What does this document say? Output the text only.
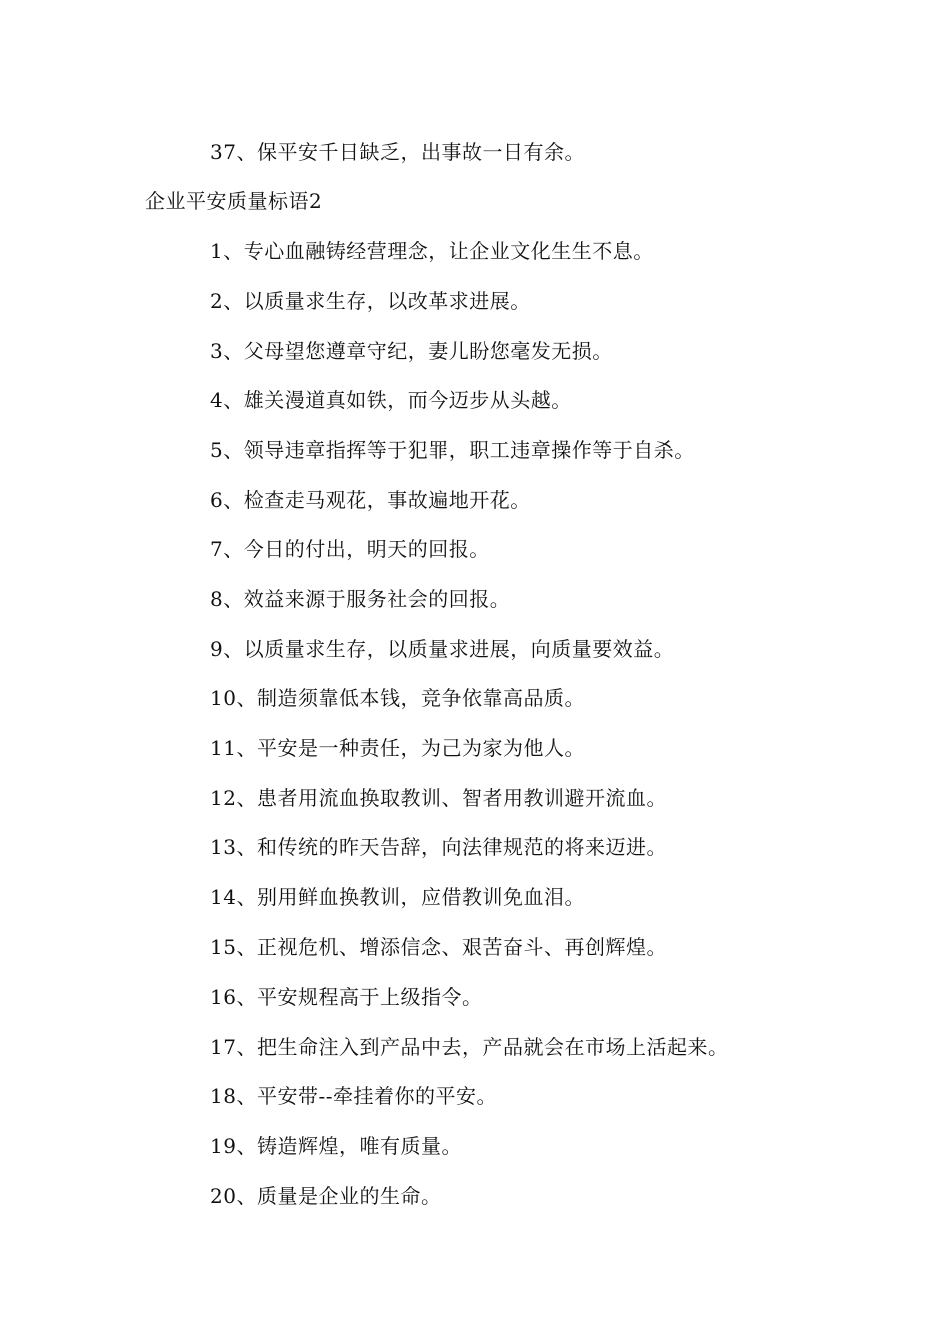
37、保平安千日缺乏，出事故一日有余。
企业平安质量标语2
1、专心血融铸经营理念，让企业文化生生不息。
2、以质量求生存，以改革求进展。
3、父母望您遵章守纪，妻儿盼您毫发无损。
4、雄关漫道真如铁，而今迈步从头越。
5、领导违章指挥等于犯罪，职工违章操作等于自杀。
6、检查走马观花，事故遍地开花。
7、今日的付出，明天的回报。
8、效益来源于服务社会的回报。
9、以质量求生存，以质量求进展，向质量要效益。
10、制造须靠低本钱，竞争依靠高品质。
11、平安是一种责任，为己为家为他人。
12、患者用流血换取教训、智者用教训避开流血。
13、和传统的昨天告辞，向法律规范的将来迈进。
14、别用鲜血换教训，应借教训免血泪。
15、正视危机、增添信念、艰苦奋斗、再创辉煌。
16、平安规程高于上级指令。
17、把生命注入到产品中去，产品就会在市场上活起来。
18、平安带--牵挂着你的平安。
19、铸造辉煌，唯有质量。
20、质量是企业的生命。
